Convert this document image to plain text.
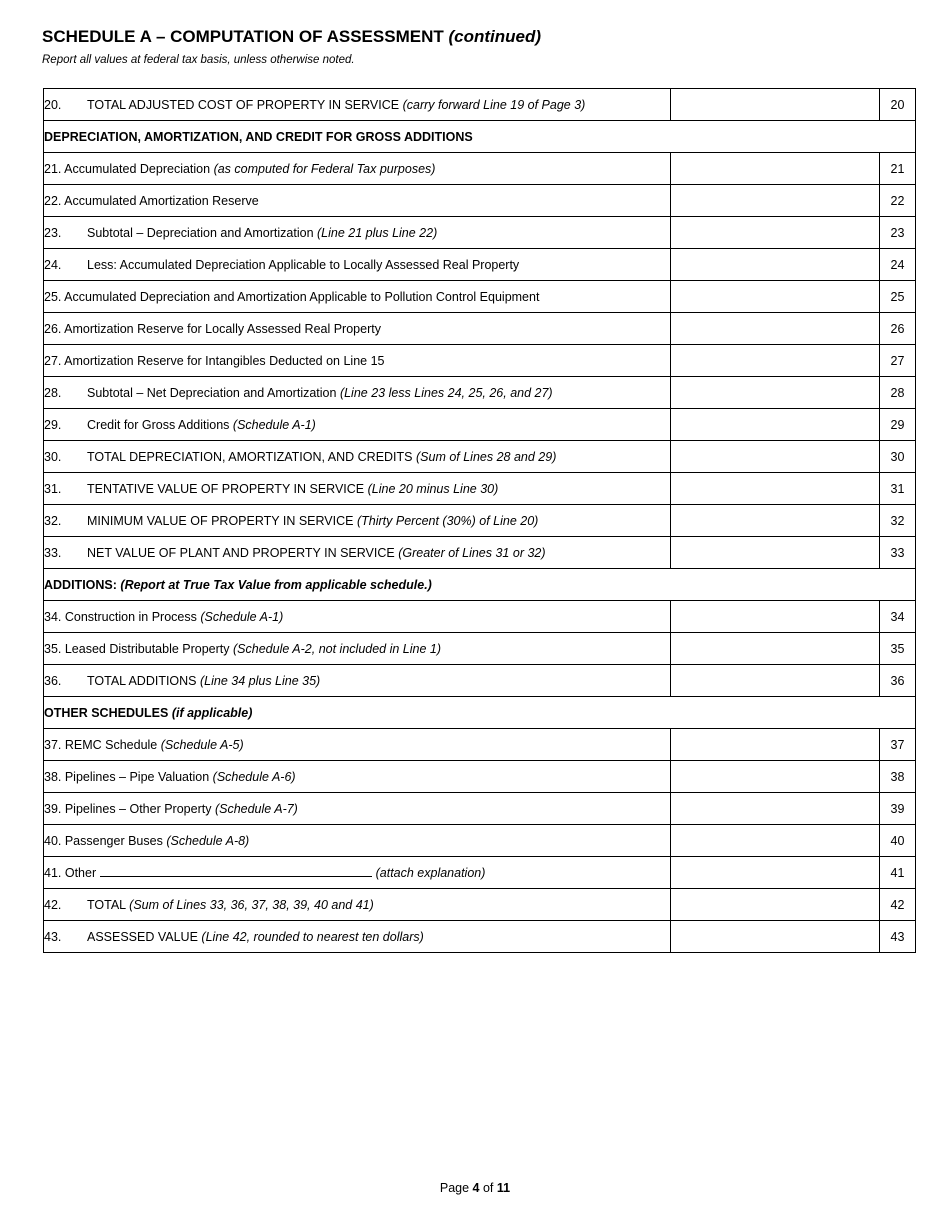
SCHEDULE A – COMPUTATION OF ASSESSMENT (continued)
Report all values at federal tax basis, unless otherwise noted.
20. TOTAL ADJUSTED COST OF PROPERTY IN SERVICE (carry forward Line 19 of Page 3)		20
DEPRECIATION, AMORTIZATION, AND CREDIT FOR GROSS ADDITIONS		
21. Accumulated Depreciation (as computed for Federal Tax purposes)		21
22. Accumulated Amortization Reserve		22
23. Subtotal – Depreciation and Amortization (Line 21 plus Line 22)		23
24. Less: Accumulated Depreciation Applicable to Locally Assessed Real Property		24
25. Accumulated Depreciation and Amortization Applicable to Pollution Control Equipment		25
26. Amortization Reserve for Locally Assessed Real Property		26
27. Amortization Reserve for Intangibles Deducted on Line 15		27
28. Subtotal – Net Depreciation and Amortization (Line 23 less Lines 24, 25, 26, and 27)		28
29. Credit for Gross Additions (Schedule A-1)		29
30. TOTAL DEPRECIATION, AMORTIZATION, AND CREDITS (Sum of Lines 28 and 29)		30
31. TENTATIVE VALUE OF PROPERTY IN SERVICE (Line 20 minus Line 30)		31
32. MINIMUM VALUE OF PROPERTY IN SERVICE (Thirty Percent (30%) of Line 20)		32
33. NET VALUE OF PLANT AND PROPERTY IN SERVICE (Greater of Lines 31 or 32)		33
ADDITIONS: (Report at True Tax Value from applicable schedule.)		
34. Construction in Process (Schedule A-1)		34
35. Leased Distributable Property (Schedule A-2, not included in Line 1)		35
36. TOTAL ADDITIONS (Line 34 plus Line 35)		36
OTHER SCHEDULES (if applicable)		
37. REMC Schedule (Schedule A-5)		37
38. Pipelines – Pipe Valuation (Schedule A-6)		38
39. Pipelines – Other Property (Schedule A-7)		39
40. Passenger Buses (Schedule A-8)		40
41. Other (attach explanation)		41
42. TOTAL (Sum of Lines 33, 36, 37, 38, 39, 40 and 41)		42
43. ASSESSED VALUE (Line 42, rounded to nearest ten dollars)		43
Page 4 of 11
